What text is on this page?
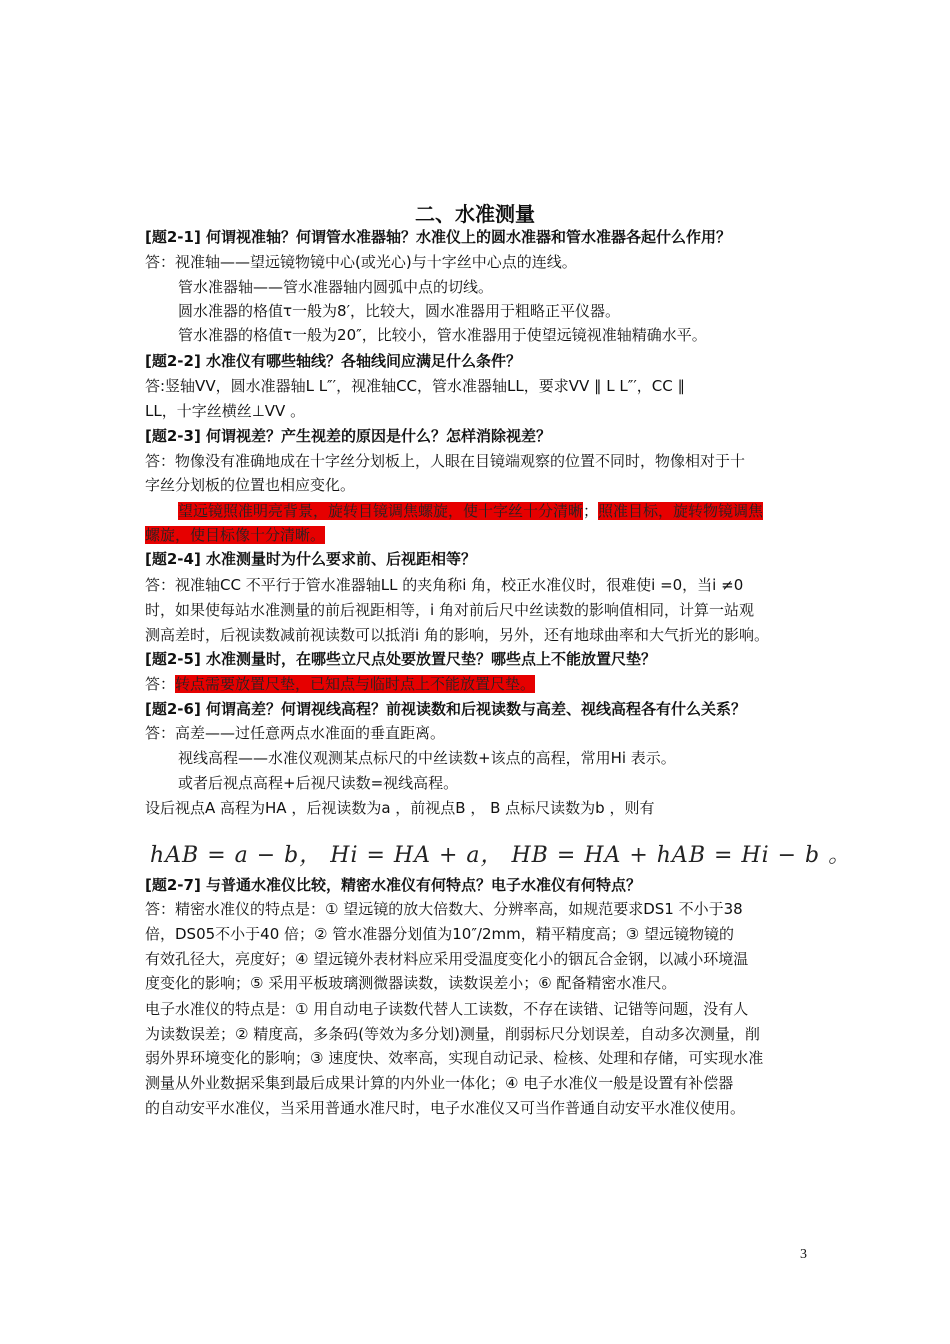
二、水准测量
[题2-1] 何谓视准轴？何谓管水准器轴？水准仪上的圆水准器和管水准器各起什么作用？
答：视准轴——望远镜物镜中心(或光心)与十字丝中心点的连线。
管水准器轴——管水准器轴内圆弧中点的切线。
圆水准器的格值τ一般为8′，比较大，圆水准器用于粗略正平仪器。
管水准器的格值τ一般为20″，比较小，管水准器用于使望远镜视准轴精确水平。
[题2-2] 水准仪有哪些轴线？各轴线间应满足什么条件？
答:竖轴VV，圆水准器轴L L″′，视准轴CC，管水准器轴LL，要求VV ∥ L L″′，CC ∥
LL，十字丝横丝⊥VV 。
[题2-3] 何谓视差？产生视差的原因是什么？怎样消除视差？
答：物像没有准确地成在十字丝分划板上，人眼在目镜端观察的位置不同时，物像相对于十
字丝分划板的位置也相应变化。
望远镜照准明亮背景，旋转目镜调焦螺旋，使十字丝十分清晰；照准目标，旋转物镜调焦
螺旋，使目标像十分清晰。
[题2-4] 水准测量时为什么要求前、后视距相等？
答：视准轴CC 不平行于管水准器轴LL 的夹角称i 角，校正水准仪时，很难使i =0，当i ≠0
时，如果使每站水准测量的前后视距相等，i 角对前后尺中丝读数的影响值相同，计算一站观
测高差时，后视读数减前视读数可以抵消i 角的影响，另外，还有地球曲率和大气折光的影响。
[题2-5] 水准测量时，在哪些立尺点处要放置尺垫？哪些点上不能放置尺垫？
答：转点需要放置尺垫，已知点与临时点上不能放置尺垫。
[题2-6] 何谓高差？何谓视线高程？前视读数和后视读数与高差、视线高程各有什么关系？
答：高差——过任意两点水准面的垂直距离。
视线高程——水准仪观测某点标尺的中丝读数+该点的高程，常用Hi 表示。
或者后视点高程+后视尺读数=视线高程。
设后视点A 高程为HA ，后视读数为a ，前视点B ， B 点标尺读数为b ，则有
hAB = a − b， Hi = HA + a， HB = HA + hAB = Hi − b 。
[题2-7] 与普通水准仪比较，精密水准仪有何特点？电子水准仪有何特点？
答：精密水准仪的特点是：① 望远镜的放大倍数大、分辨率高，如规范要求DS1 不小于38
倍，DS05不小于40 倍；② 管水准器分划值为10″/2mm，精平精度高；③ 望远镜物镜的
有效孔径大，亮度好；④ 望远镜外表材料应采用受温度变化小的铟瓦合金钢，以减小环境温
度变化的影响；⑤ 采用平板玻璃测微器读数，读数误差小；⑥ 配备精密水准尺。
电子水准仪的特点是：① 用自动电子读数代替人工读数，不存在读错、记错等问题，没有人
为读数误差；② 精度高，多条码(等效为多分划)测量，削弱标尺分划误差，自动多次测量，削
弱外界环境变化的影响；③ 速度快、效率高，实现自动记录、检核、处理和存储，可实现水准
测量从外业数据采集到最后成果计算的内外业一体化；④ 电子水准仪一般是设置有补偿器
的自动安平水准仪，当采用普通水准尺时，电子水准仪又可当作普通自动安平水准仪使用。
3
